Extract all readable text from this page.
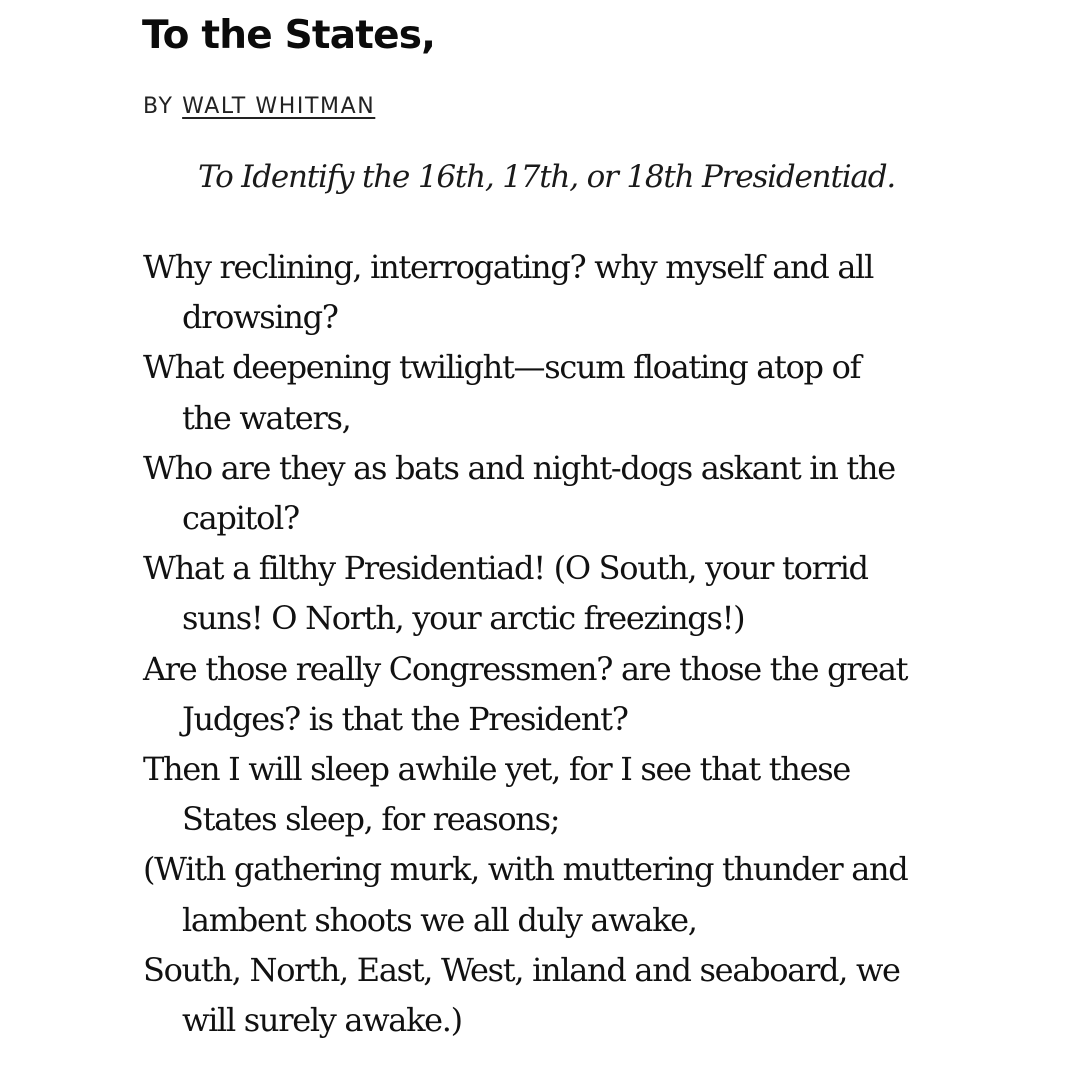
To the States,
BY WALT WHITMAN

To Identify the 16th, 17th, or 18th Presidentiad.

Why reclining, interrogating? why myself and all
drowsing?
What deepening twilight—scum floating atop of
the waters,
Who are they as bats and night-dogs askant in the
capitol?
What a filthy Presidentiad! (O South, your torrid
suns! O North, your arctic freezings!)
Are those really Congressmen? are those the great
Judges? is that the President?
Then I will sleep awhile yet, for I see that these
States sleep, for reasons;
(With gathering murk, with muttering thunder and
lambent shoots we all duly awake,
South, North, East, West, inland and seaboard, we
will surely awake.)
